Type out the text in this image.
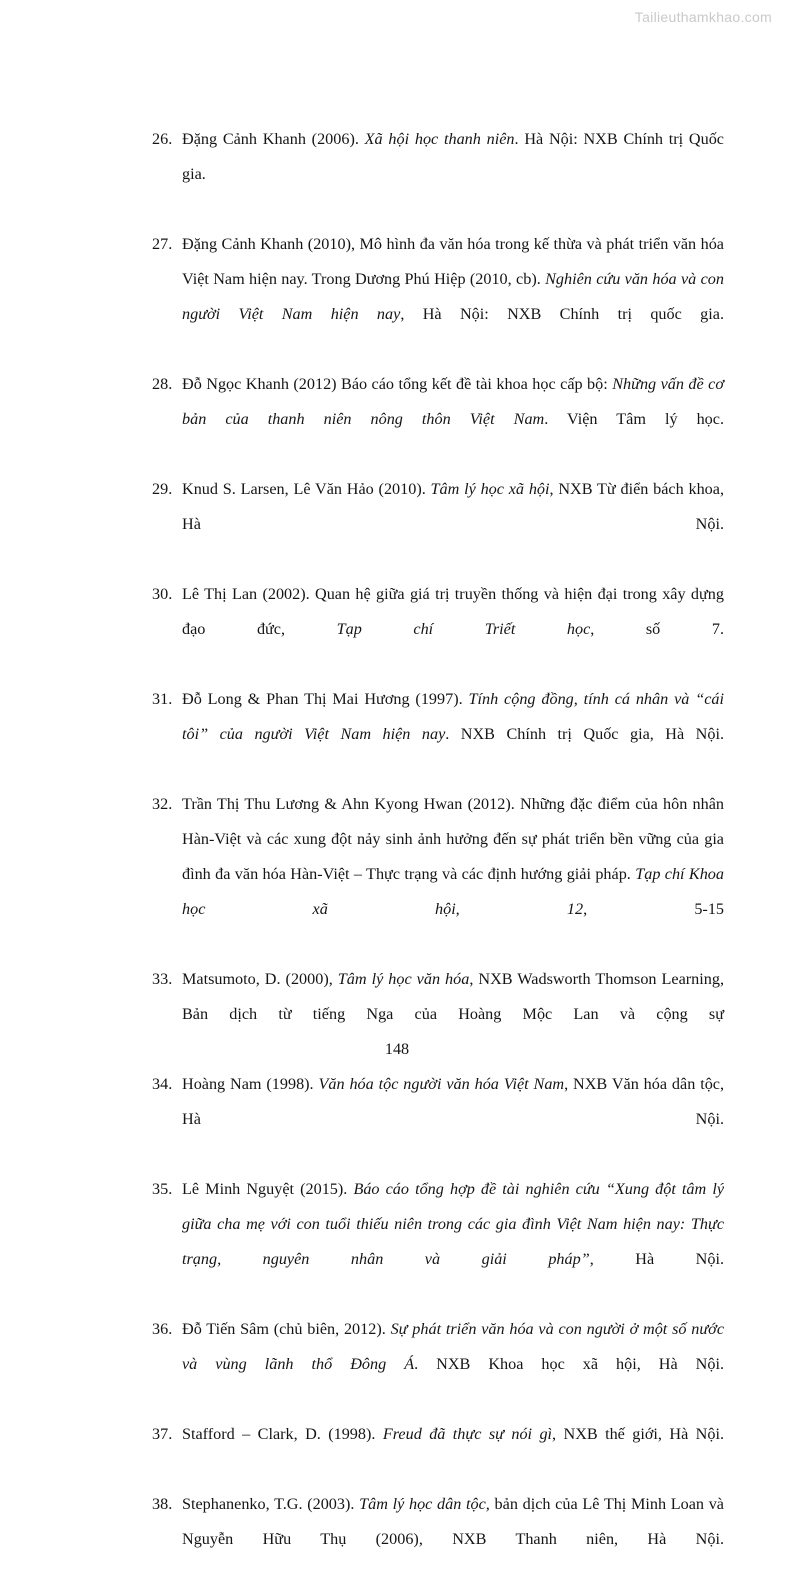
Tailieuthamkhao.com
26. Đặng Cảnh Khanh (2006). Xã hội học thanh niên. Hà Nội: NXB Chính trị Quốc gia.
27. Đặng Cảnh Khanh (2010), Mô hình đa văn hóa trong kế thừa và phát triển văn hóa Việt Nam hiện nay. Trong Dương Phú Hiệp (2010, cb). Nghiên cứu văn hóa và con người Việt Nam hiện nay, Hà Nội: NXB Chính trị quốc gia.
28. Đỗ Ngọc Khanh (2012) Báo cáo tổng kết đề tài khoa học cấp bộ: Những vấn đề cơ bản của thanh niên nông thôn Việt Nam. Viện Tâm lý học.
29. Knud S. Larsen, Lê Văn Hảo (2010). Tâm lý học xã hội, NXB Từ điển bách khoa, Hà Nội.
30. Lê Thị Lan (2002). Quan hệ giữa giá trị truyền thống và hiện đại trong xây dựng đạo đức, Tạp chí Triết học, số 7.
31. Đỗ Long & Phan Thị Mai Hương (1997). Tính cộng đồng, tính cá nhân và “cái tôi” của người Việt Nam hiện nay. NXB Chính trị Quốc gia, Hà Nội.
32. Trần Thị Thu Lương & Ahn Kyong Hwan (2012). Những đặc điểm của hôn nhân Hàn-Việt và các xung đột nảy sinh ảnh hưởng đến sự phát triển bền vững của gia đình đa văn hóa Hàn-Việt – Thực trạng và các định hướng giải pháp. Tạp chí Khoa học xã hội, 12, 5-15
33. Matsumoto, D. (2000), Tâm lý học văn hóa, NXB Wadsworth Thomson Learning, Bản dịch từ tiếng Nga của Hoàng Mộc Lan và cộng sự
34. Hoàng Nam (1998). Văn hóa tộc người văn hóa Việt Nam, NXB Văn hóa dân tộc, Hà Nội.
35. Lê Minh Nguyệt (2015). Báo cáo tổng hợp đề tài nghiên cứu “Xung đột tâm lý giữa cha mẹ với con tuổi thiếu niên trong các gia đình Việt Nam hiện nay: Thực trạng, nguyên nhân và giải pháp”, Hà Nội.
36. Đỗ Tiến Sâm (chủ biên, 2012). Sự phát triển văn hóa và con người ở một số nước và vùng lãnh thổ Đông Á. NXB Khoa học xã hội, Hà Nội.
37. Stafford – Clark, D. (1998). Freud đã thực sự nói gì, NXB thế giới, Hà Nội.
38. Stephanenko, T.G. (2003). Tâm lý học dân tộc, bản dịch của Lê Thị Minh Loan và Nguyễn Hữu Thụ (2006), NXB Thanh niên, Hà Nội.
148
